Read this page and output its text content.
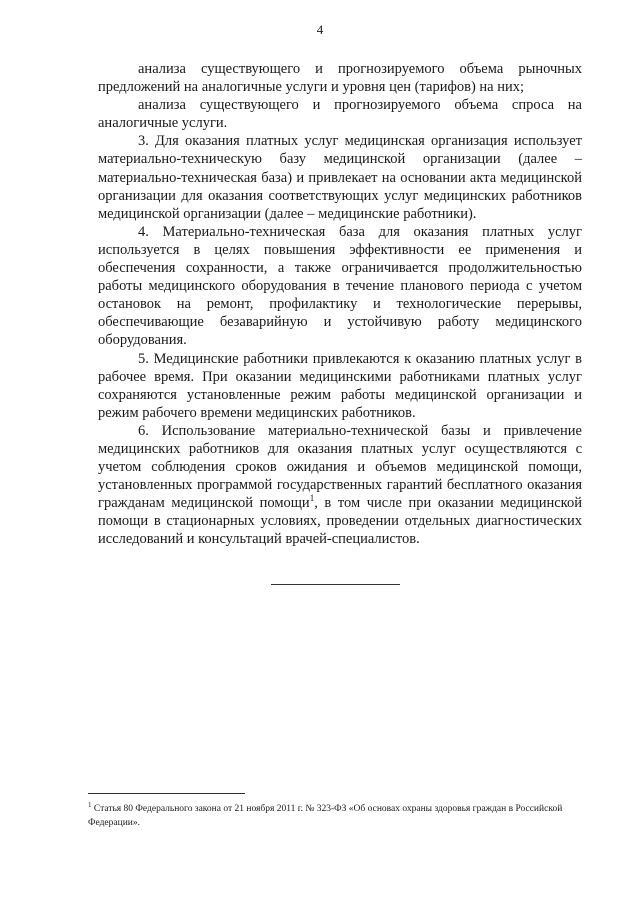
4

анализа существующего и прогнозируемого объема рыночных предложений на аналогичные услуги и уровня цен (тарифов) на них;

анализа существующего и прогнозируемого объема спроса на аналогичные услуги.

3. Для оказания платных услуг медицинская организация использует материально-техническую базу медицинской организации (далее – материально-техническая база) и привлекает на основании акта медицинской организации для оказания соответствующих услуг медицинских работников медицинской организации (далее – медицинские работники).

4. Материально-техническая база для оказания платных услуг используется в целях повышения эффективности ее применения и обеспечения сохранности, а также ограничивается продолжительностью работы медицинского оборудования в течение планового периода с учетом остановок на ремонт, профилактику и технологические перерывы, обеспечивающие безаварийную и устойчивую работу медицинского оборудования.

5. Медицинские работники привлекаются к оказанию платных услуг в рабочее время. При оказании медицинскими работниками платных услуг сохраняются установленные режим работы медицинской организации и режим рабочего времени медицинских работников.

6. Использование материально-технической базы и привлечение медицинских работников для оказания платных услуг осуществляются с учетом соблюдения сроков ожидания и объемов медицинской помощи, установленных программой государственных гарантий бесплатного оказания гражданам медицинской помощи$^1$, в том числе при оказании медицинской помощи в стационарных условиях, проведении отдельных диагностических исследований и консультаций врачей-специалистов.

$^1$ Статья 80 Федерального закона от 21 ноября 2011 г. № 323-ФЗ «Об основах охраны здоровья граждан в Российской Федерации».
